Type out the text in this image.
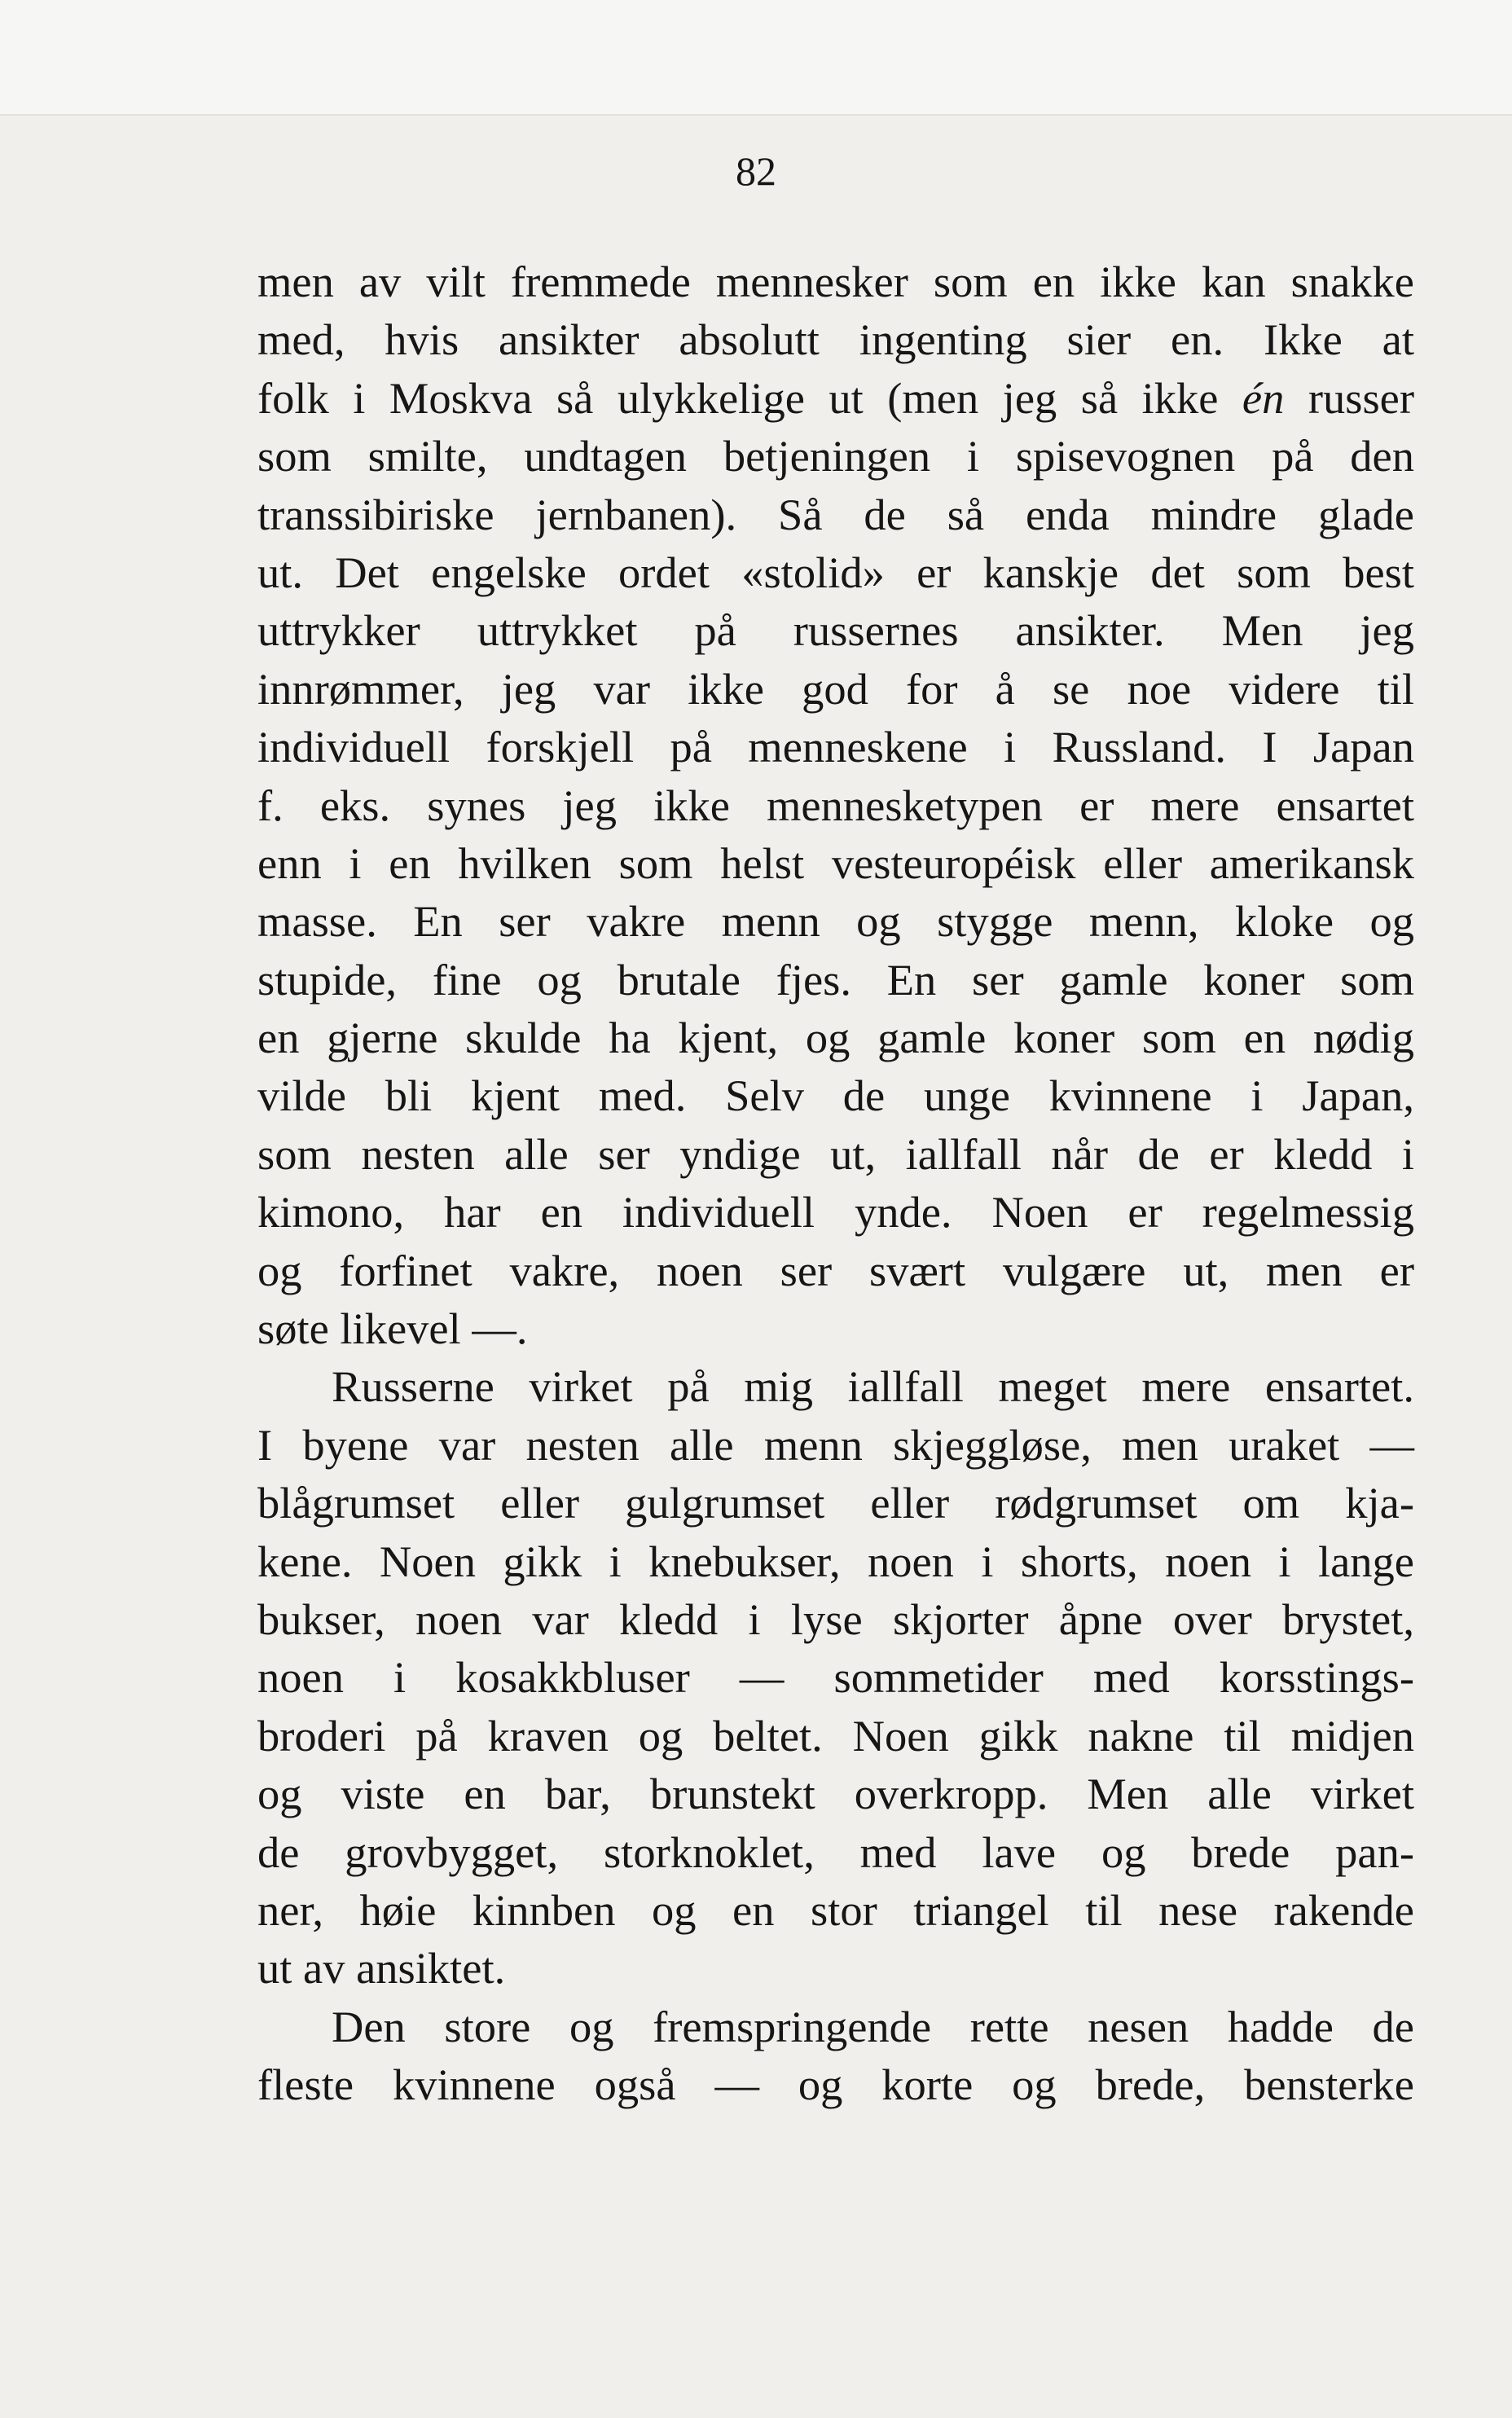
82
men av vilt fremmede mennesker som en ikke kan snakke
med, hvis ansikter absolutt ingenting sier en. Ikke at
folk i Moskva så ulykkelige ut (men jeg så ikke én russer
som smilte, undtagen betjeningen i spisevognen på den
transsibiriske jernbanen). Så de så enda mindre glade
ut. Det engelske ordet «stolid» er kanskje det som best
uttrykker uttrykket på russernes ansikter. Men jeg
innrømmer, jeg var ikke god for å se noe videre til
individuell forskjell på menneskene i Russland. I Japan
f. eks. synes jeg ikke mennesketypen er mere ensartet
enn i en hvilken som helst vesteuropéisk eller amerikansk
masse. En ser vakre menn og stygge menn, kloke og
stupide, fine og brutale fjes. En ser gamle koner som
en gjerne skulde ha kjent, og gamle koner som en nødig
vilde bli kjent med. Selv de unge kvinnene i Japan,
som nesten alle ser yndige ut, iallfall når de er kledd i
kimono, har en individuell ynde. Noen er regelmessig
og forfinet vakre, noen ser svært vulgære ut, men er
søte likevel —.
Russerne virket på mig iallfall meget mere ensartet.
I byene var nesten alle menn skjeggløse, men uraket —
blågrumset eller gulgrumset eller rødgrumset om kja-
kene. Noen gikk i knebukser, noen i shorts, noen i lange
bukser, noen var kledd i lyse skjorter åpne over brystet,
noen i kosakkbluser — sommetider med korsstings-
broderi på kraven og beltet. Noen gikk nakne til midjen
og viste en bar, brunstekt overkropp. Men alle virket
de grovbygget, storknoklet, med lave og brede pan-
ner, høie kinnben og en stor triangel til nese rakende
ut av ansiktet.
Den store og fremspringende rette nesen hadde de
fleste kvinnene også — og korte og brede, bensterke
